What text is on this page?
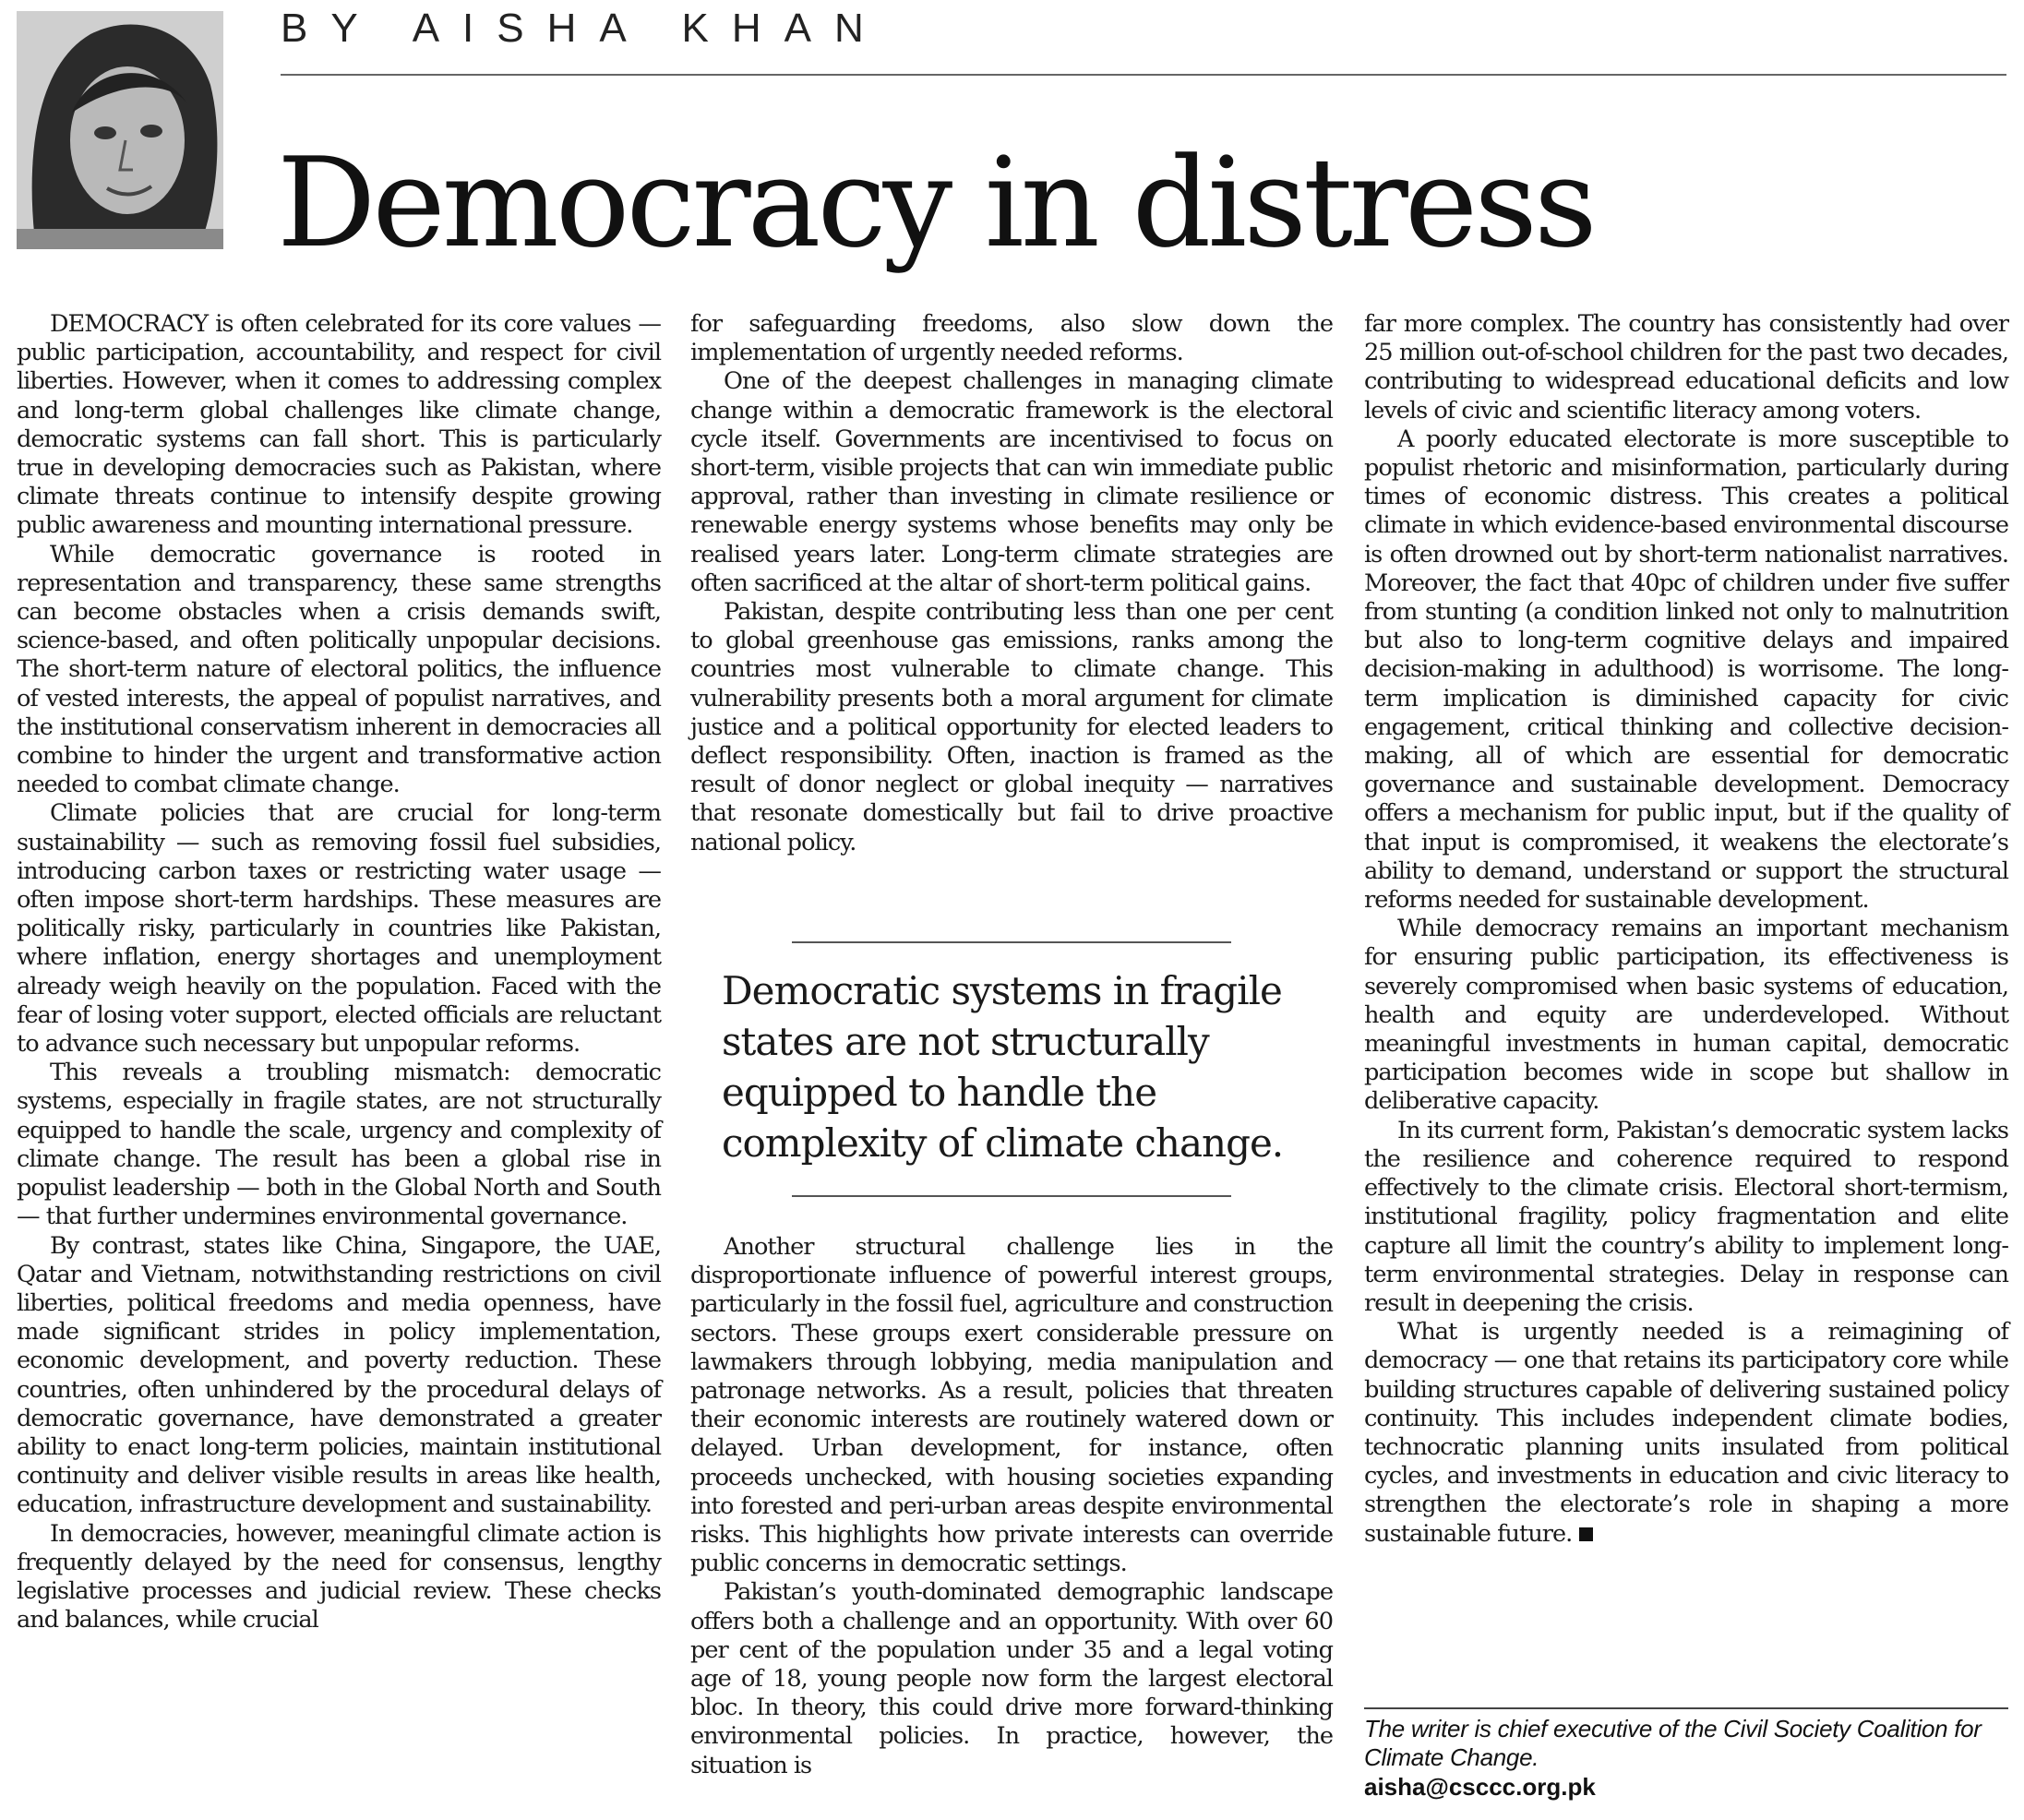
BY AISHA KHAN
Democracy in distress

DEMOCRACY is often celebrated for its core values — public participation, accountability, and respect for civil liberties. However, when it comes to addressing complex and long-term global challenges like climate change, democratic systems can fall short. This is particularly true in developing democracies such as Pakistan, where climate threats continue to intensify despite growing public awareness and mounting international pressure.

While democratic governance is rooted in representation and transparency, these same strengths can become obstacles when a crisis demands swift, science-based, and often politically unpopular decisions. The short-term nature of electoral politics, the influence of vested interests, the appeal of populist narratives, and the institutional conservatism inherent in democracies all combine to hinder the urgent and transformative action needed to combat climate change.

Climate policies that are crucial for long-term sustainability — such as removing fossil fuel subsidies, introducing carbon taxes or restricting water usage — often impose short-term hardships. These measures are politically risky, particularly in countries like Pakistan, where inflation, energy shortages and unemployment already weigh heavily on the population. Faced with the fear of losing voter support, elected officials are reluctant to advance such necessary but unpopular reforms.

This reveals a troubling mismatch: democratic systems, especially in fragile states, are not structurally equipped to handle the scale, urgency and complexity of climate change. The result has been a global rise in populist leadership — both in the Global North and South — that further undermines environmental governance.

By contrast, states like China, Singapore, the UAE, Qatar and Vietnam, notwithstanding restrictions on civil liberties, political freedoms and media openness, have made significant strides in policy implementation, economic development, and poverty reduction. These countries, often unhindered by the procedural delays of democratic governance, have demonstrated a greater ability to enact long-term policies, maintain institutional continuity and deliver visible results in areas like health, education, infrastructure development and sustainability.

In democracies, however, meaningful climate action is frequently delayed by the need for consensus, lengthy legislative processes and judicial review. These checks and balances, while crucial

for safeguarding freedoms, also slow down the implementation of urgently needed reforms.

One of the deepest challenges in managing climate change within a democratic framework is the electoral cycle itself. Governments are incentivised to focus on short-term, visible projects that can win immediate public approval, rather than investing in climate resilience or renewable energy systems whose benefits may only be realised years later. Long-term climate strategies are often sacrificed at the altar of short-term political gains.

Pakistan, despite contributing less than one per cent to global greenhouse gas emissions, ranks among the countries most vulnerable to climate change. This vulnerability presents both a moral argument for climate justice and a political opportunity for elected leaders to deflect responsibility. Often, inaction is framed as the result of donor neglect or global inequity — narratives that resonate domestically but fail to drive proactive national policy.

Democratic systems in fragile states are not structurally equipped to handle the complexity of climate change.

Another structural challenge lies in the disproportionate influence of powerful interest groups, particularly in the fossil fuel, agriculture and construction sectors. These groups exert considerable pressure on lawmakers through lobbying, media manipulation and patronage networks. As a result, policies that threaten their economic interests are routinely watered down or delayed. Urban development, for instance, often proceeds unchecked, with housing societies expanding into forested and peri-urban areas despite environmental risks. This highlights how private interests can override public concerns in democratic settings.

Pakistan’s youth-dominated demographic landscape offers both a challenge and an opportunity. With over 60 per cent of the population under 35 and a legal voting age of 18, young people now form the largest electoral bloc. In theory, this could drive more forward-thinking environmental policies. In practice, however, the situation is

far more complex. The country has consistently had over 25 million out-of-school children for the past two decades, contributing to widespread educational deficits and low levels of civic and scientific literacy among voters.

A poorly educated electorate is more susceptible to populist rhetoric and misinformation, particularly during times of economic distress. This creates a political climate in which evidence-based environmental discourse is often drowned out by short-term nationalist narratives. Moreover, the fact that 40pc of children under five suffer from stunting (a condition linked not only to malnutrition but also to long-term cognitive delays and impaired decision-making in adulthood) is worrisome. The long-term implication is diminished capacity for civic engagement, critical thinking and collective decision-making, all of which are essential for democratic governance and sustainable development. Democracy offers a mechanism for public input, but if the quality of that input is compromised, it weakens the electorate’s ability to demand, understand or support the structural reforms needed for sustainable development.

While democracy remains an important mechanism for ensuring public participation, its effectiveness is severely compromised when basic systems of education, health and equity are underdeveloped. Without meaningful investments in human capital, democratic participation becomes wide in scope but shallow in deliberative capacity.

In its current form, Pakistan’s democratic system lacks the resilience and coherence required to respond effectively to the climate crisis. Electoral short-termism, institutional fragility, policy fragmentation and elite capture all limit the country’s ability to implement long-term environmental strategies. Delay in response can result in deepening the crisis.

What is urgently needed is a reimagining of democracy — one that retains its participatory core while building structures capable of delivering sustained policy continuity. This includes independent climate bodies, technocratic planning units insulated from political cycles, and investments in education and civic literacy to strengthen the electorate’s role in shaping a more sustainable future.

The writer is chief executive of the Civil Society Coalition for Climate Change.
aisha@csccc.org.pk
